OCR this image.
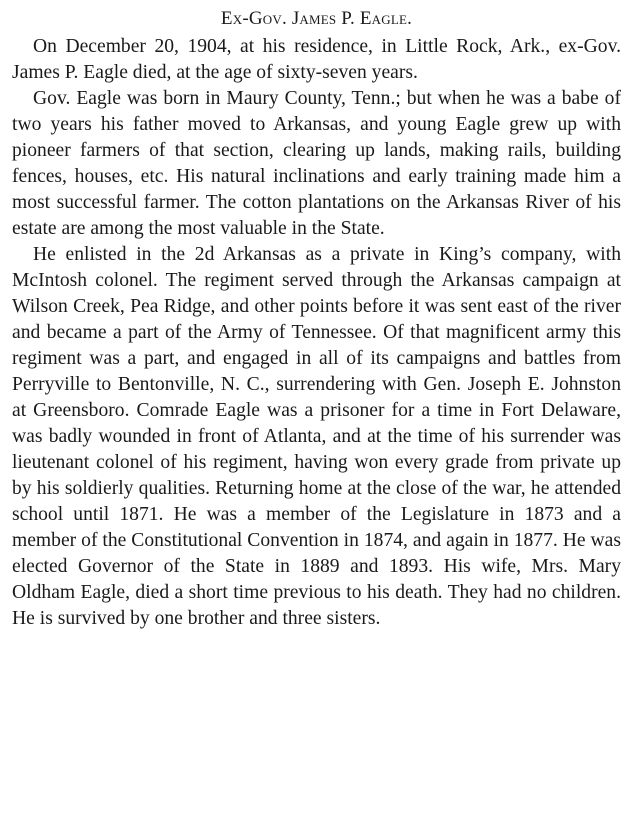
Ex-Gov. James P. Eagle.

On December 20, 1904, at his residence, in Little Rock, Ark., ex-Gov. James P. Eagle died, at the age of sixty-seven years.

Gov. Eagle was born in Maury County, Tenn.; but when he was a babe of two years his father moved to Arkansas, and young Eagle grew up with pioneer farmers of that section, clearing up lands, making rails, building fences, houses, etc. His natural inclinations and early training made him a most successful farmer. The cotton plantations on the Arkansas River of his estate are among the most valuable in the State.

He enlisted in the 2d Arkansas as a private in King’s company, with McIntosh colonel. The regiment served through the Arkansas campaign at Wilson Creek, Pea Ridge, and other points before it was sent east of the river and became a part of the Army of Tennessee. Of that magnificent army this regiment was a part, and engaged in all of its campaigns and battles from Perryville to Bentonville, N. C., surrendering with Gen. Joseph E. Johnston at Greensboro. Comrade Eagle was a prisoner for a time in Fort Delaware, was badly wounded in front of Atlanta, and at the time of his surrender was lieutenant colonel of his regiment, having won every grade from private up by his soldierly qualities. Returning home at the close of the war, he attended school until 1871. He was a member of the Legislature in 1873 and a member of the Constitutional Convention in 1874, and again in 1877. He was elected Governor of the State in 1889 and 1893. His wife, Mrs. Mary Oldham Eagle, died a short time previous to his death. They had no children. He is survived by one brother and three sisters.
